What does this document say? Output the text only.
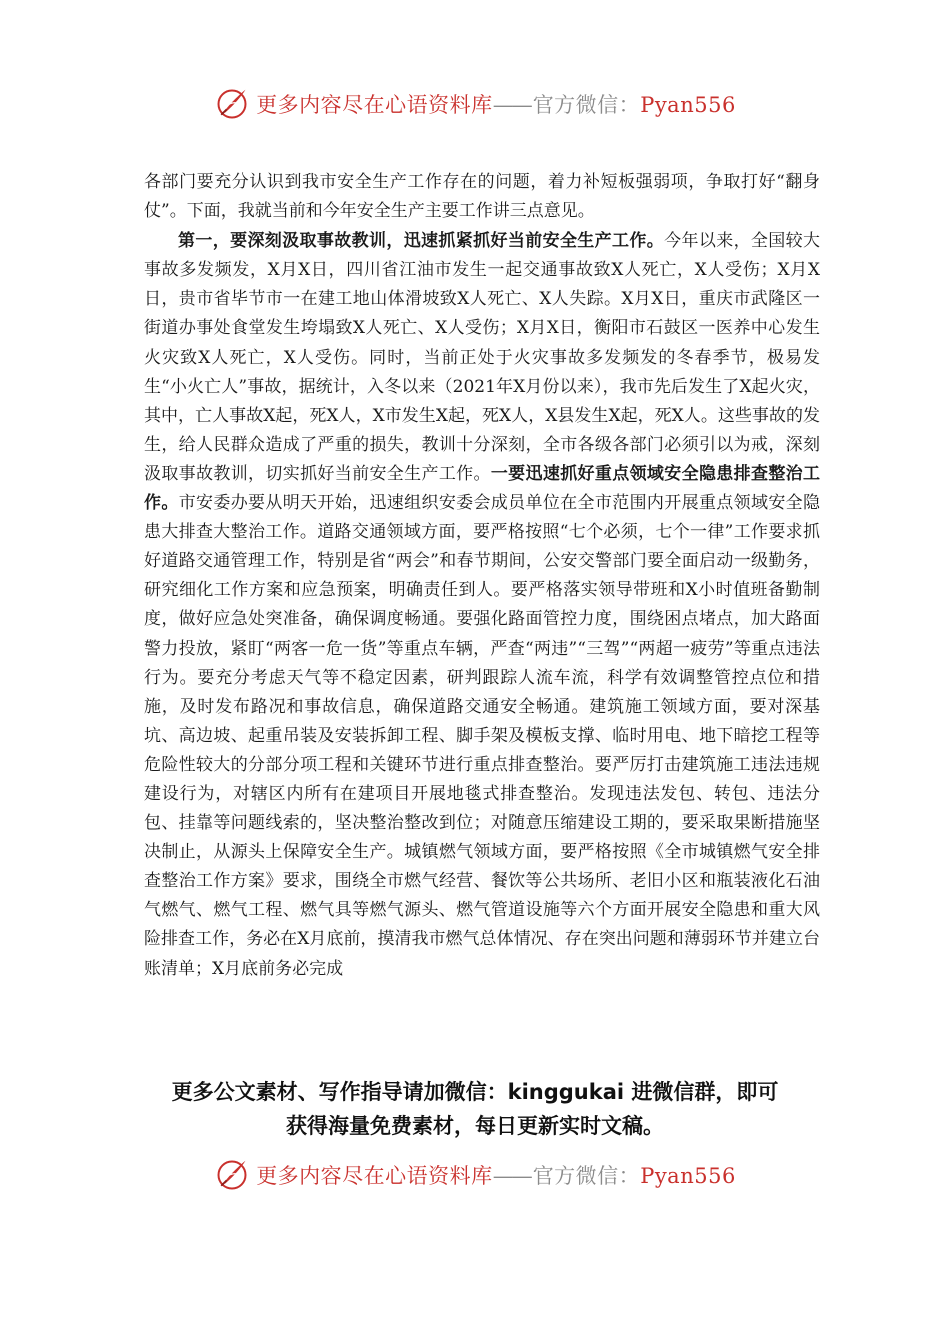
更多内容尽在心语资料库——官方微信：Pyan556

各部门要充分认识到我市安全生产工作存在的问题，着力补短板强弱项，争取打好“翻身仗”。下面，我就当前和今年安全生产主要工作讲三点意见。

第一，要深刻汲取事故教训，迅速抓紧抓好当前安全生产工作。今年以来，全国较大事故多发频发，X月X日，四川省江油市发生一起交通事故致X人死亡，X人受伤；X月X日，贵市省毕节市一在建工地山体滑坡致X人死亡、X人失踪。X月X日，重庆市武隆区一街道办事处食堂发生垮塌致X人死亡、X人受伤；X月X日，衡阳市石鼓区一医养中心发生火灾致X人死亡，X人受伤。同时，当前正处于火灾事故多发频发的冬春季节，极易发生“小火亡人”事故，据统计，入冬以来（2021年X月份以来），我市先后发生了X起火灾，其中，亡人事故X起，死X人，X市发生X起，死X人，X县发生X起，死X人。这些事故的发生，给人民群众造成了严重的损失，教训十分深刻，全市各级各部门必须引以为戒，深刻汲取事故教训，切实抓好当前安全生产工作。一要迅速抓好重点领域安全隐患排查整治工作。市安委办要从明天开始，迅速组织安委会成员单位在全市范围内开展重点领域安全隐患大排查大整治工作。道路交通领域方面，要严格按照“七个必须，七个一律”工作要求抓好道路交通管理工作，特别是省“两会”和春节期间，公安交警部门要全面启动一级勤务，研究细化工作方案和应急预案，明确责任到人。要严格落实领导带班和X小时值班备勤制度，做好应急处突准备，确保调度畅通。要强化路面管控力度，围绕困点堵点，加大路面警力投放，紧盯“两客一危一货”等重点车辆，严查“两违”“三驾”“两超一疲劳”等重点违法行为。要充分考虑天气等不稳定因素，研判跟踪人流车流，科学有效调整管控点位和措施，及时发布路况和事故信息，确保道路交通安全畅通。建筑施工领域方面，要对深基坑、高边坡、起重吊装及安装拆卸工程、脚手架及模板支撑、临时用电、地下暗挖工程等危险性较大的分部分项工程和关键环节进行重点排查整治。要严厉打击建筑施工违法违规建设行为，对辖区内所有在建项目开展地毯式排查整治。发现违法发包、转包、违法分包、挂靠等问题线索的，坚决整治整改到位；对随意压缩建设工期的，要采取果断措施坚决制止，从源头上保障安全生产。城镇燃气领域方面，要严格按照《全市城镇燃气安全排查整治工作方案》要求，围绕全市燃气经营、餐饮等公共场所、老旧小区和瓶装液化石油气燃气、燃气工程、燃气具等燃气源头、燃气管道设施等六个方面开展安全隐患和重大风险排查工作，务必在X月底前，摸清我市燃气总体情况、存在突出问题和薄弱环节并建立台账清单；X月底前务必完成

更多公文素材、写作指导请加微信：kinggukai 进微信群，即可
获得海量免费素材，每日更新实时文稿。
更多内容尽在心语资料库——官方微信：Pyan556
